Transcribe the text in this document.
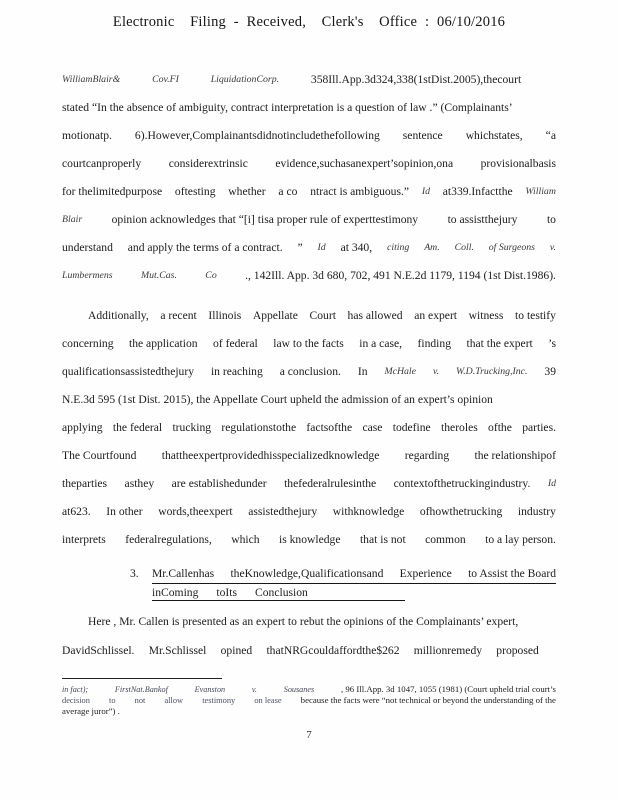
Electronic  Filing - Received,  Clerk's  Office : 06/10/2016
WilliamBlair&	Cov.FI	LiquidationCorp.	358Ill.App.3d324,338(1stDist.2005),thecourt

stated “In the absence of ambiguity, contract interpretation is a question of law .” (Complainants’
motionatp. 6).However,Complainantsdidnotincludethefollowing sentence whichstates, “a
courtcanproperly considerextrinsic evidence,suchasanexpert’sopinion,ona provisionalbasis
for thelimitedpurpose oftesting whether a co ntract is ambiguous.” Id at339.Infactthe William
Blair	opinion acknowledges that “[i] tisa proper rule of experttestimony	to assistthejury	to
understand and apply the terms of a contract. ” Id at 340, citing Am. Coll. of Surgeons v.
Lumbermens	Mut.Cas.	Co ., 142Ill. App. 3d 680, 702, 491 N.E.2d 1179, 1194 (1st Dist.1986).
Additionally, a recent Illinois Appellate Court has allowed an expert witness to testify
concerning the application of federal law to the facts in a case, finding that the expert ’s
qualificationsassistedthejury in reaching a conclusion. In McHale v. W.D.Trucking,Inc. 39
N.E.3d 595 (1st Dist. 2015), the Appellate Court upheld the admission of an expert’s opinion
applying the federal trucking regulationstothe factsofthe case todefine theroles ofthe parties.
The Courtfound thattheexpertprovidedhisspecializedknowledge regarding the relationshipof
theparties asthey are establishedunder thefederalrulesinthe contextofthetruckingindustry. Id
at623. In other words,theexpert assistedthejury withknowledge ofhowthetrucking industry
interprets federalregulations, which is knowledge that is not common to a lay person.
3.	Mr.Callenhas theKnowledge,Qualificationsand Experience to Assist the Board
inComing toIts Conclusion
Here , Mr. Callen is presented as an expert to rebut the opinions of the Complainants’ expert,
DavidSchlissel. Mr.Schlissel opined thatNRGcouldaffordthe$262 millionremedy proposed

in fact);	FirstNat.Bankof	Evanston	v.	Sousanes	, 96 Ill.App. 3d 1047, 1055 (1981) (Court upheld trial court’s
decision to not allow testimony on lease because the facts were “not technical or beyond the understanding of the
average juror”) .
7
